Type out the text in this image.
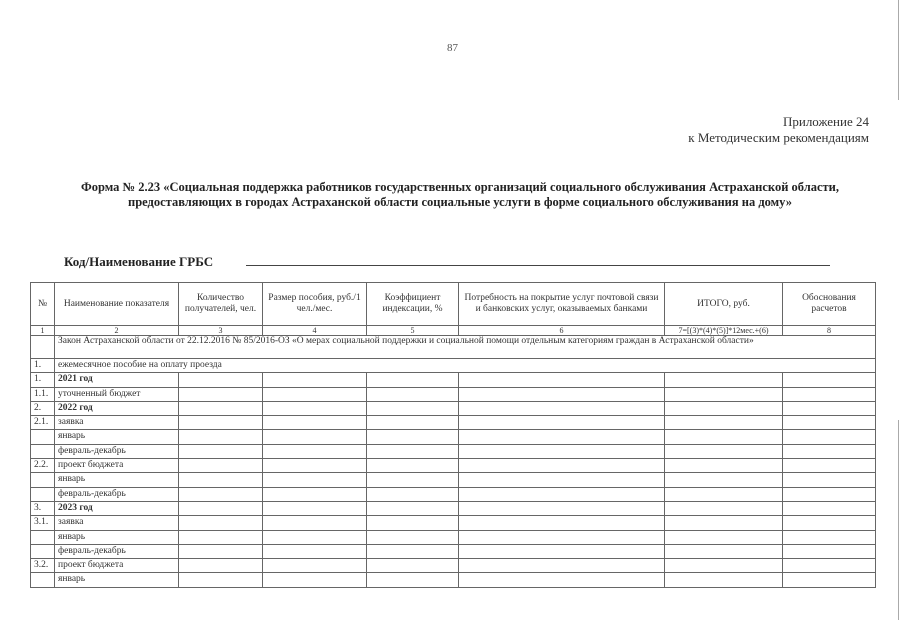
87
Приложение 24
к Методическим рекомендациям
Форма № 2.23 «Социальная поддержка работников государственных организаций социального обслуживания Астраханской области, предоставляющих в городах Астраханской области социальные услуги в форме социального обслуживания на дому»
Код/Наименование ГРБС
№	Наименование показателя	Количество получателей, чел.	Размер пособия, руб./1 чел./мес.	Коэффициент индексации, %	Потребность на покрытие услуг почтовой связи и банковских услуг, оказываемых банками	ИТОГО, руб.	Обоснования расчетов
1	2	3	4	5	6	7=[(3)*(4)*(5)]*12мес.+(6)	8
	Закон Астраханской области от 22.12.2016 № 85/2016-ОЗ «О мерах социальной поддержки и социальной помощи отдельным категориям граждан в Астраханской области»						
1.	ежемесячное пособие на оплату проезда						
1.	2021 год						
1.1.	уточненный бюджет						
2.	2022 год						
2.1.	заявка						
	январь						
	февраль-декабрь						
2.2.	проект бюджета						
	январь						
	февраль-декабрь						
3.	2023 год						
3.1.	заявка						
	январь						
	февраль-декабрь						
3.2.	проект бюджета						
	январь						
